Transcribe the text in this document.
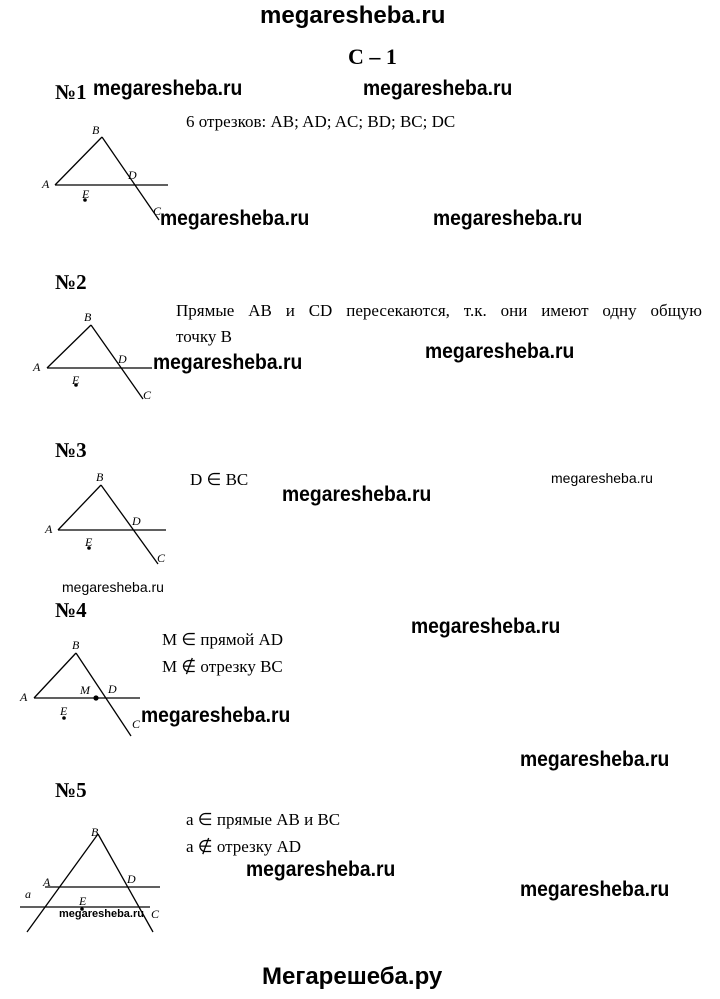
megaresheba.ru
С – 1
№1 megaresheba.ru	megaresheba.ru
6 отрезков: AB; AD; AC; BD; BC; DC
B
A
D
E
C
megaresheba.ru	megaresheba.ru
№2
Прямые AB и CD пересекаются, т.к. они имеют одну общую
точку B
B
A
D
E
C
megaresheba.ru	megaresheba.ru
№3
D ∈ BC	megaresheba.ru
megaresheba.ru
B
A
D
E
C
megaresheba.ru
№4
megaresheba.ru
M ∈ прямой AD
M ∉ отрезку BC
B
A	M D
E
C megaresheba.ru
megaresheba.ru
№5
a ∈ прямые AB и BC
a ∉ отрезку AD
B
A
a
D
E
C
megaresheba.ru
megaresheba.ru
megaresheba.ru
Мегарешеба.ру
